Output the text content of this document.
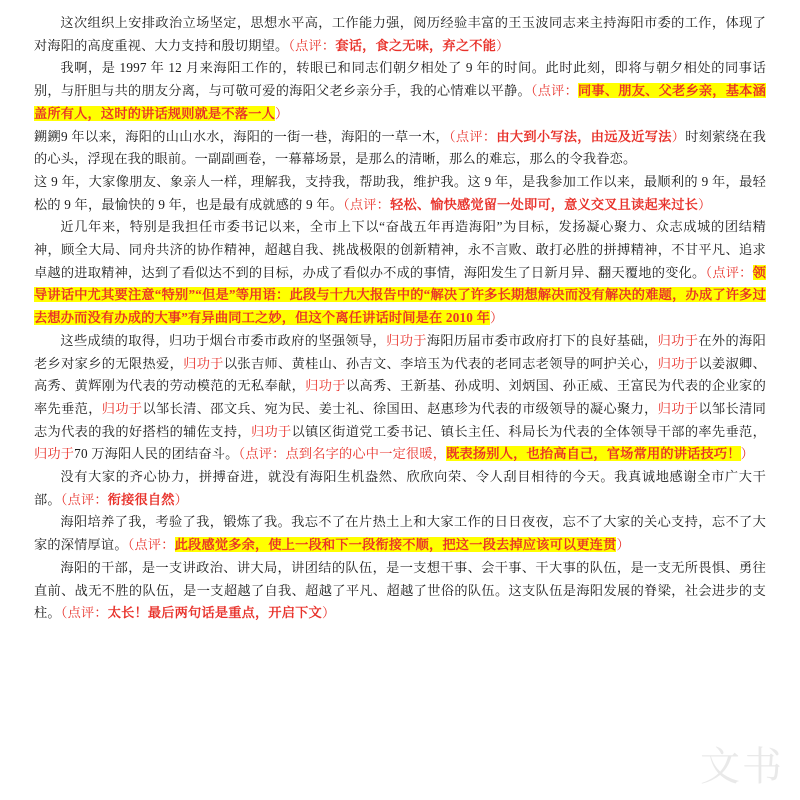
这次组织上安排政治立场坚定，思想水平高，工作能力强，阅历经验丰富的王玉波同志来主持海阳市委的工作，体现了对海阳的高度重视、大力支持和殷切期望。（点评：套话，食之无味，弃之不能）
我啊，是 1997 年 12 月来海阳工作的，转眼已和同志们朝夕相处了 9 年的时间。此时此刻，即将与朝夕相处的同事话别，与肝胆与共的朋友分离，与可敬可爱的海阳父老乡亲分手，我的心情难以平静。（点评：同事、朋友、父老乡亲，基本涵盖所有人，这时的讲话规则就是不落一人）
鎙鎙9 年以来，海阳的山山水水，海阳的一街一巷，海阳的一草一木，（点评：由大到小写法，由远及近写法）时刻萦绕在我的心头，浮现在我的眼前。一副副画卷，一幕幕场景，是那么的清晰，那么的难忘，那么的令我眷恋。
这 9 年，大家像朋友、象亲人一样，理解我，支持我，帮助我，维护我。这 9 年，是我参加工作以来，最顺利的 9 年，最轻松的 9 年，最愉快的 9 年，也是最有成就感的 9 年。（点评：轻松、愉快感觉留一处即可，意义交叉且读起来过长）
近几年来，特别是我担任市委书记以来，全市上下以“奋战五年再造海阳”为目标，发扬凝心聚力、众志成城的团结精神，顾全大局、同舟共济的协作精神，超越自我、挑战极限的创新精神，永不言败、敢打必胜的拼搏精神，不甘平凡、追求卓越的进取精神，达到了看似达不到的目标，办成了看似办不成的事情，海阳发生了日新月异、翻天覆地的变化。（点评：领导讲话中尤其要注意“特别”“但是”等用语：此段与十九大报告中的“解决了许多长期想解决而没有解决的难题，办成了许多过去想办而没有办成的大事”有异曲同工之妙，但这个离任讲话时间是在 2010 年）
这些成绩的取得，归功于烟台市委市政府的坚强领导，归功于海阳历届市委市政府打下的良好基础，归功于在外的海阳老乡对家乡的无限热爱，归功于以张吉师、黄桂山、孙吉文、李培玉为代表的老同志老领导的呵护关心，归功于以姜淑卿、高秀、黄辉刚为代表的劳动模范的无私奉献，归功于以高秀、王新基、孙成明、刘炳国、孙正威、王富民为代表的企业家的率先垂范，归功于以邹长清、邵文兵、宛为民、姜士礼、徐国田、赵惠珍为代表的市级领导的凝心聚力，归功于以邹长清同志为代表的我的好搭档的辅佐支持，归功于以镇区街道党工委书记、镇长主任、科局长为代表的全体领导干部的率先垂范，归功于70 万海阳人民的团结奋斗。（点评：点到名字的心中一定很暖，既表扬别人，也抬高自己，官场常用的讲话技巧！）
没有大家的齐心协力，拼搏奋进，就没有海阳生机盎然、欣欣向荣、令人刮目相待的今天。我真诚地感谢全市广大干部。（点评：衔接很自然）
海阳培养了我，考验了我，锻炼了我。我忘不了在片热土上和大家工作的日日夜夜，忘不了大家的关心支持，忘不了大家的深情厚谊。（点评：此段感觉多余，使上一段和下一段衔接不顺，把这一段去掉应该可以更连贯）
海阳的干部，是一支讲政治、讲大局，讲团结的队伍，是一支想干事、会干事、干大事的队伍，是一支无所畏惧、勇往直前、战无不胜的队伍，是一支超越了自我、超越了平凡、超越了世俗的队伍。这支队伍是海阳发展的脊梁，社会进步的支柱。（点评：太长！最后两句话是重点，开启下文）
文书
